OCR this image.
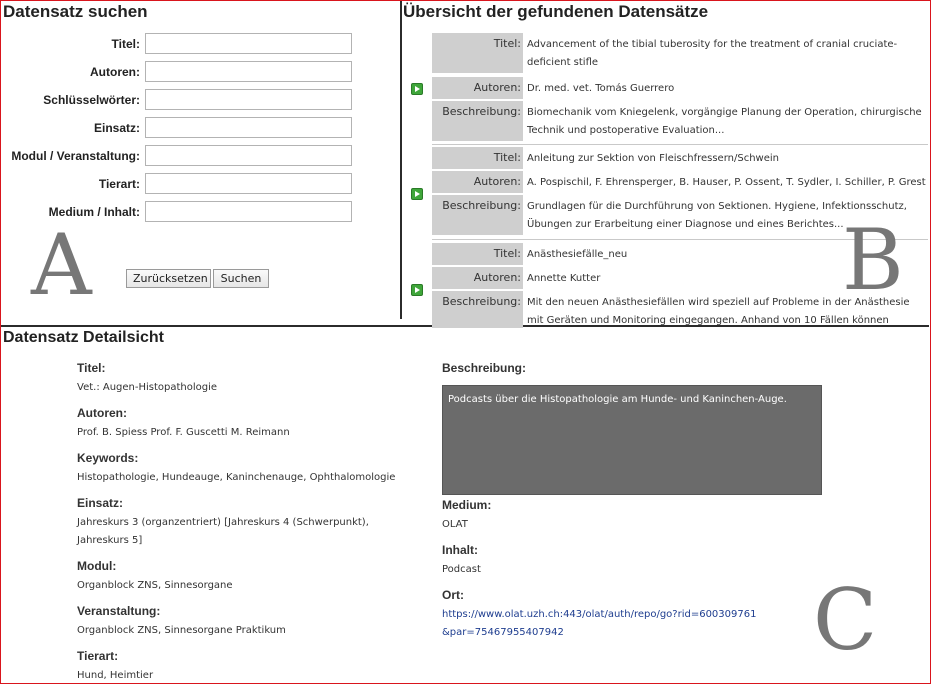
Datensatz suchen
Titel:
Autoren:
Schlüsselwörter:
Einsatz:
Modul / Veranstaltung:
Tierart:
Medium / Inhalt:
A	Zurücksetzen	Suchen
Übersicht der gefundenen Datensätze
Titel: Advancement of the tibial tuberosity for the treatment of cranial cruciate-deficient stifle
Autoren: Dr. med. vet. Tomás Guerrero
Beschreibung: Biomechanik vom Kniegelenk, vorgängige Planung der Operation, chirurgische Technik und postoperative Evaluation...
Titel: Anleitung zur Sektion von Fleischfressern/Schwein
Autoren: A. Pospischil, F. Ehrensperger, B. Hauser, P. Ossent, T. Sydler, I. Schiller, P. Grest
Beschreibung: Grundlagen für die Durchführung von Sektionen. Hygiene, Infektionsschutz, Übungen zur Erarbeitung einer Diagnose und eines Berichtes...
Titel: Anästhesiefälle_neu
Autoren: Annette Kutter
Beschreibung: Mit den neuen Anästhesiefällen wird speziell auf Probleme in der Anästhesie mit Geräten und Monitoring eingegangen. Anhand von 10 Fällen können
B
Datensatz Detailsicht
Titel:
Vet.: Augen-Histopathologie
Autoren:
Prof. B. Spiess Prof. F. Guscetti M. Reimann
Keywords:
Histopathologie, Hundeauge, Kaninchenauge, Ophthalomologie
Einsatz:
Jahreskurs 3 (organzentriert) [Jahreskurs 4 (Schwerpunkt), Jahreskurs 5]
Modul:
Organblock ZNS, Sinnesorgane
Veranstaltung:
Organblock ZNS, Sinnesorgane Praktikum
Tierart:
Hund, Heimtier
Beschreibung:
Podcasts über die Histopathologie am Hunde- und Kaninchen-Auge.
Medium:
OLAT
Inhalt:
Podcast
Ort:
https://www.olat.uzh.ch:443/olat/auth/repo/go?rid=600309761&par=75467955407942	C
